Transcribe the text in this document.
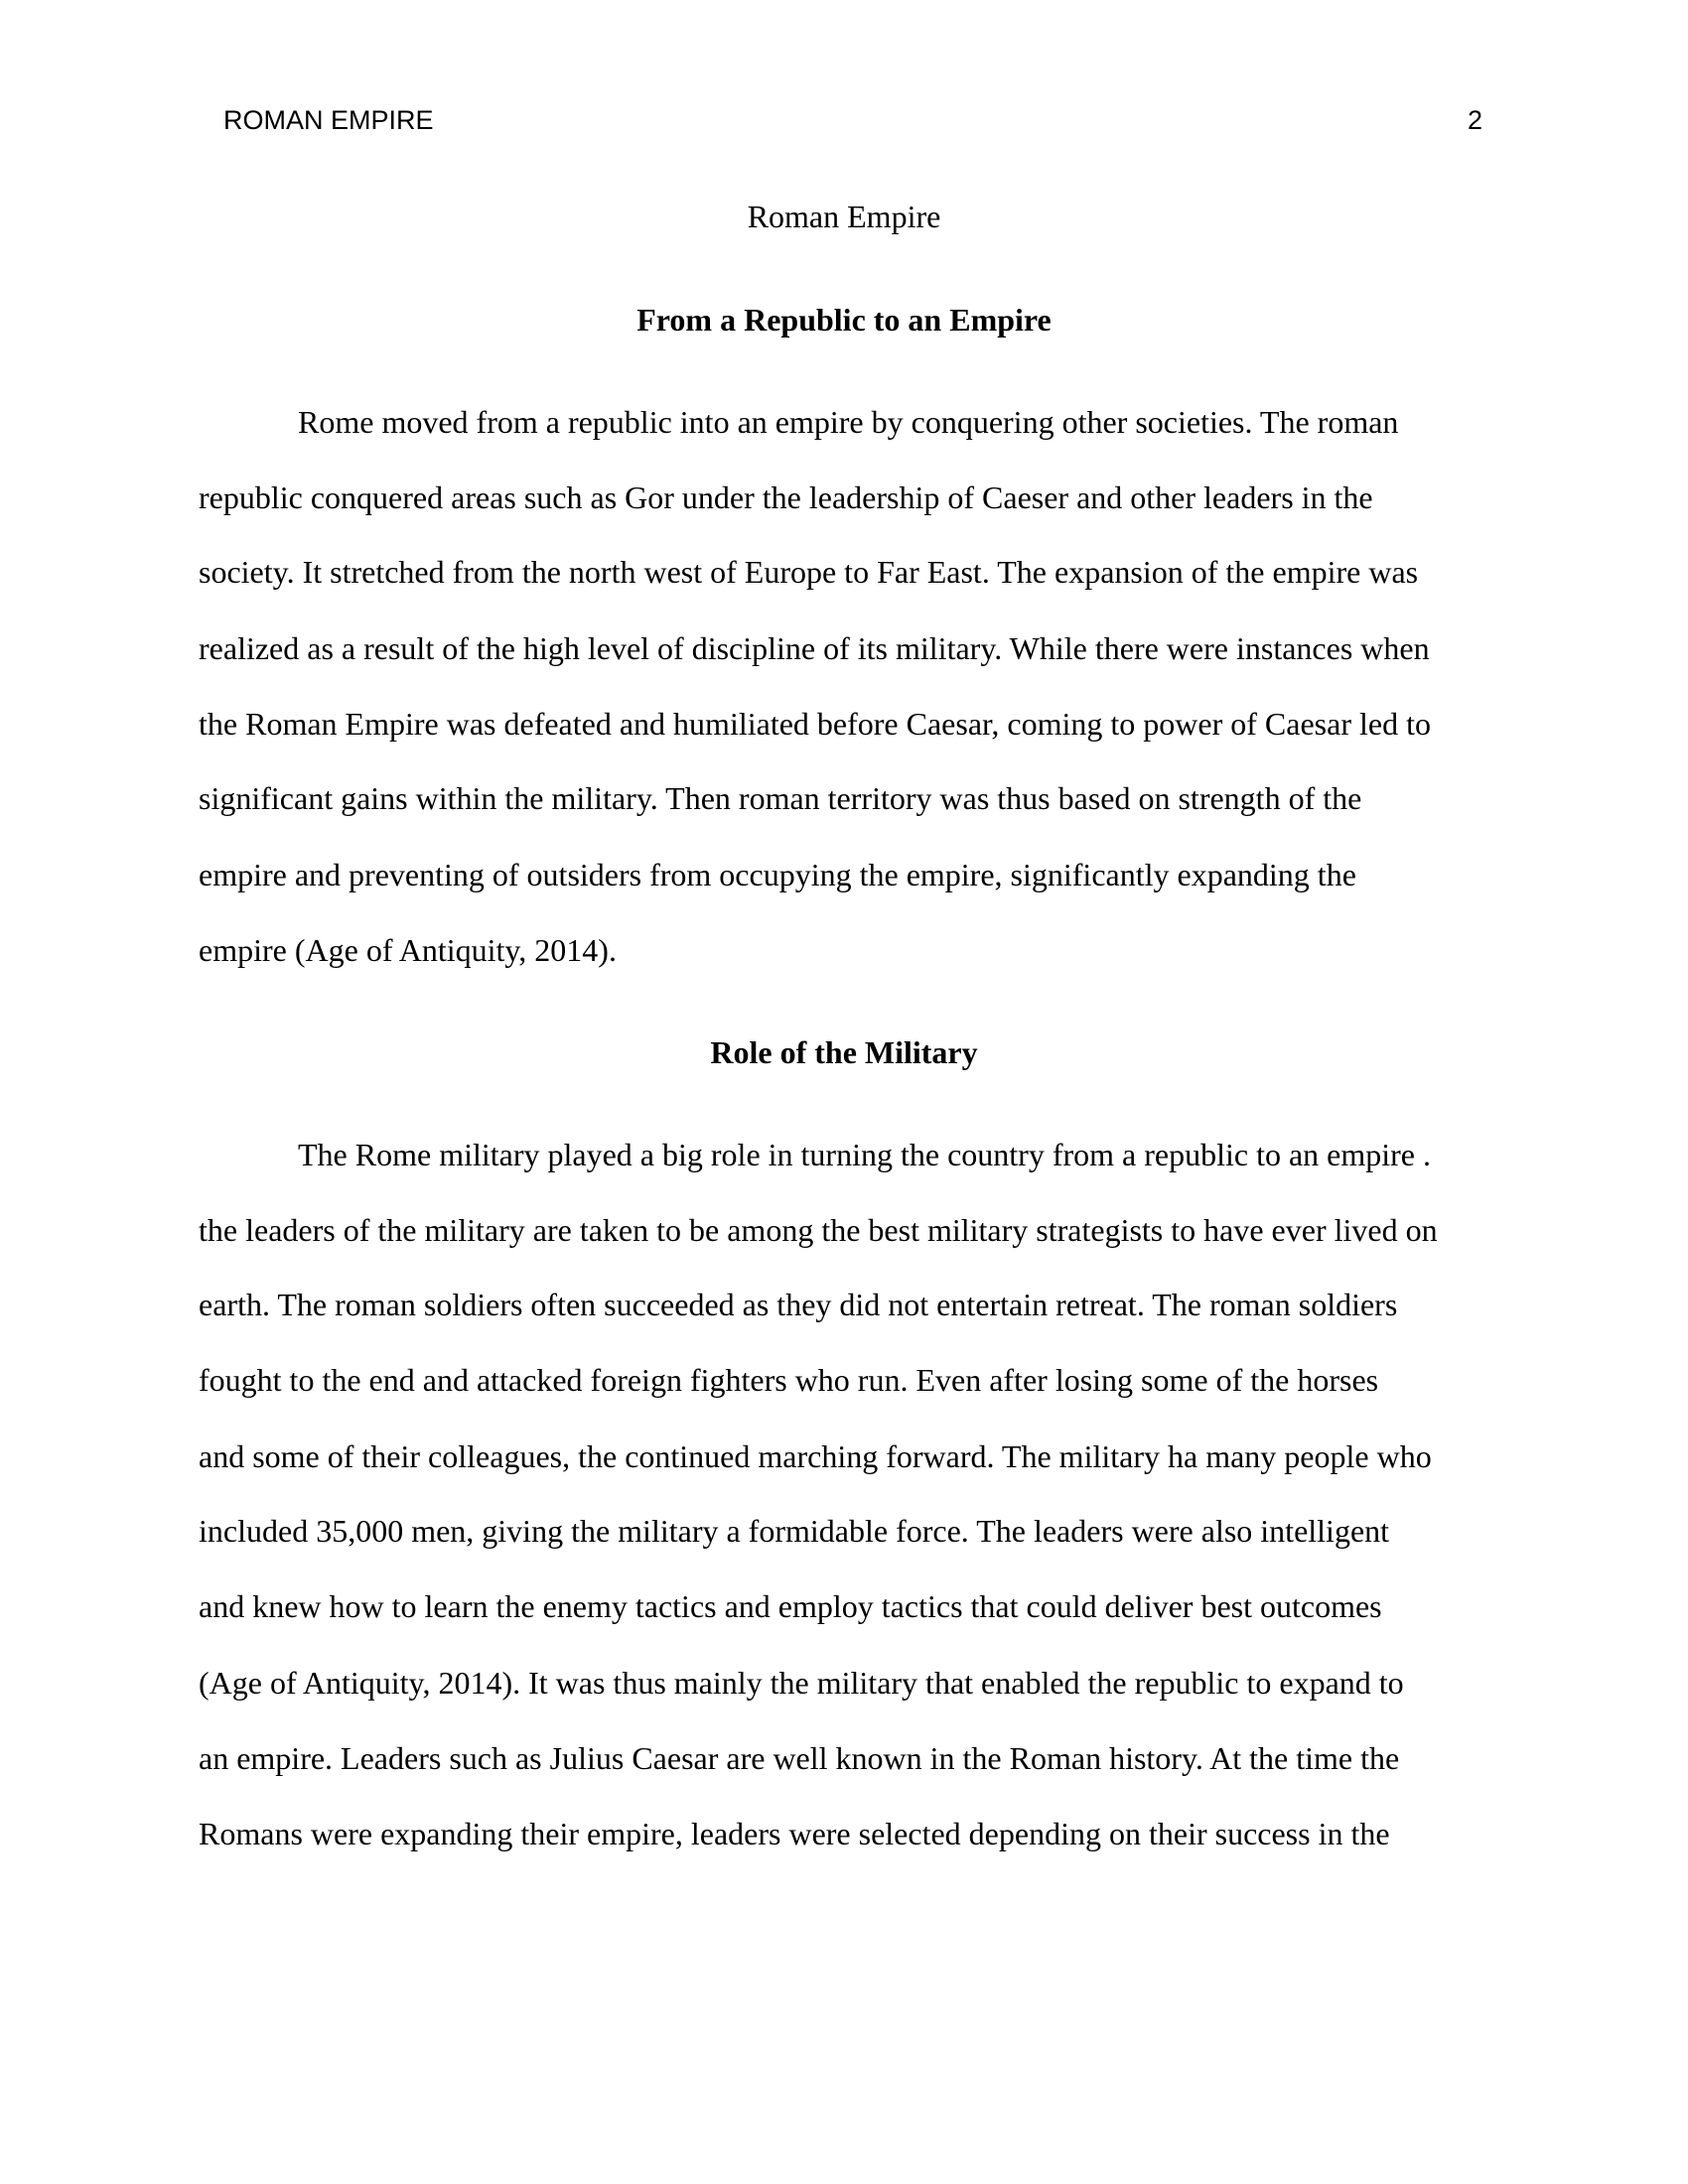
ROMAN EMPIRE	2
Roman Empire
From a Republic to an Empire
Rome moved from a republic into an empire by conquering other societies. The roman
republic conquered areas such as Gor under the leadership of Caeser and other leaders in the
society. It stretched from the north west of Europe to Far East. The expansion of the empire was
realized as a result of the high level of discipline of its military. While there were instances when
the Roman Empire was defeated and humiliated before Caesar, coming to power of Caesar led to
significant gains within the military. Then roman territory was thus based on strength of the
empire and preventing of outsiders from occupying the empire, significantly expanding the
empire (Age of Antiquity, 2014).
Role of the Military
The Rome military played a big role in turning the country from a republic to an empire .
the leaders of the military are taken to be among the best military strategists to have ever lived on
earth. The roman soldiers often succeeded as they did not entertain retreat. The roman soldiers
fought to the end and attacked foreign fighters who run. Even after losing some of the horses
and some of their colleagues, the continued marching forward. The military ha many people who
included 35,000 men, giving the military a formidable force. The leaders were also intelligent
and knew how to learn the enemy tactics and employ tactics that could deliver best outcomes
(Age of Antiquity, 2014). It was thus mainly the military that enabled the republic to expand to
an empire. Leaders such as Julius Caesar are well known in the Roman history. At the time the
Romans were expanding their empire, leaders were selected depending on their success in the
